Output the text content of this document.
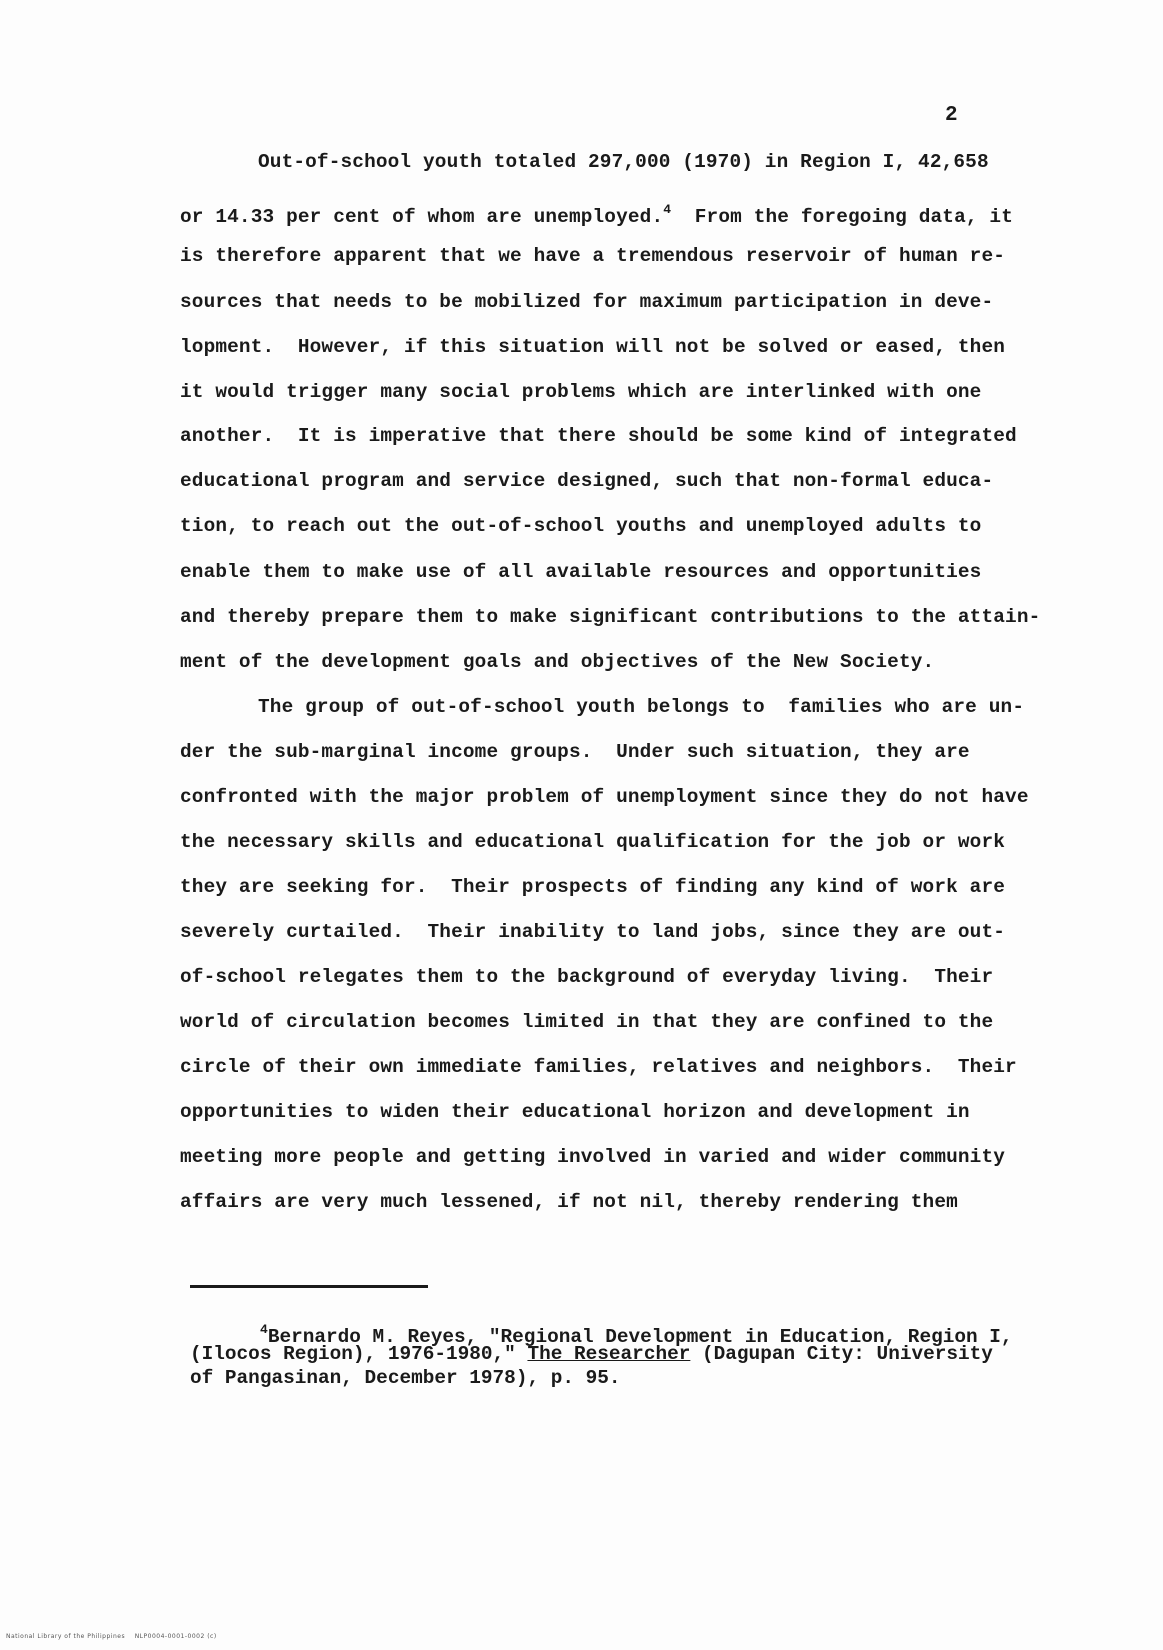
2
Out-of-school youth totaled 297,000 (1970) in Region I, 42,658
or 14.33 per cent of whom are unemployed.$^4$  From the foregoing data, it
is therefore apparent that we have a tremendous reservoir of human re-
sources that needs to be mobilized for maximum participation in deve-
lopment.  However, if this situation will not be solved or eased, then
it would trigger many social problems which are interlinked with one
another.  It is imperative that there should be some kind of integrated
educational program and service designed, such that non-formal educa-
tion, to reach out the out-of-school youths and unemployed adults to
enable them to make use of all available resources and opportunities
and thereby prepare them to make significant contributions to the attain-
ment of the development goals and objectives of the New Society.
The group of out-of-school youth belongs to  families who are un-
der the sub-marginal income groups.  Under such situation, they are
confronted with the major problem of unemployment since they do not have
the necessary skills and educational qualification for the job or work
they are seeking for.  Their prospects of finding any kind of work are
severely curtailed.  Their inability to land jobs, since they are out-
of-school relegates them to the background of everyday living.  Their
world of circulation becomes limited in that they are confined to the
circle of their own immediate families, relatives and neighbors.  Their
opportunities to widen their educational horizon and development in
meeting more people and getting involved in varied and wider community
affairs are very much lessened, if not nil, thereby rendering them
$^4$Bernardo M. Reyes, "Regional Development in Education, Region I,
(Ilocos Region), 1976-1980," The Researcher (Dagupan City: University
of Pangasinan, December 1978), p. 95.
National Library of the Philippines    NLP0004-0001-0002 (c)
